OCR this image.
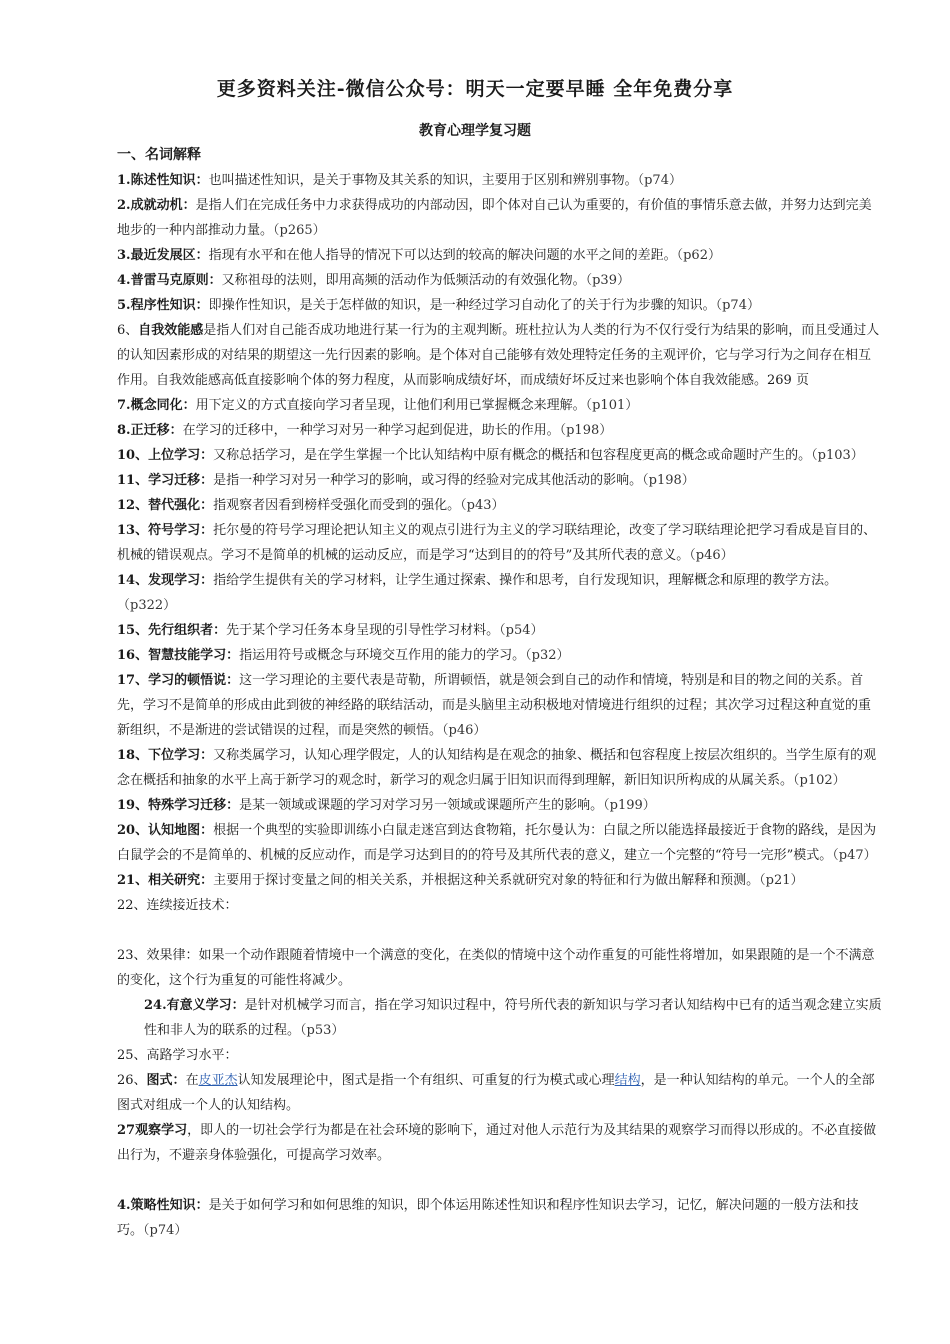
更多资料关注-微信公众号：明天一定要早睡 全年免费分享
教育心理学复习题
一、名词解释

1.陈述性知识：也叫描述性知识，是关于事物及其关系的知识，主要用于区别和辨别事物。（p74）

2.成就动机：是指人们在完成任务中力求获得成功的内部动因，即个体对自己认为重要的，有价值的事情乐意去做，并努力达到完美地步的一种内部推动力量。（p265）

3.最近发展区：指现有水平和在他人指导的情况下可以达到的较高的解决问题的水平之间的差距。（p62）

4.普雷马克原则：又称祖母的法则，即用高频的活动作为低频活动的有效强化物。（p39）

5.程序性知识：即操作性知识，是关于怎样做的知识，是一种经过学习自动化了的关于行为步骤的知识。（p74）

6、自我效能感是指人们对自己能否成功地进行某一行为的主观判断。班杜拉认为人类的行为不仅行受行为结果的影响，而且受通过人的认知因素形成的对结果的期望这一先行因素的影响。是个体对自己能够有效处理特定任务的主观评价，它与学习行为之间存在相互作用。自我效能感高低直接影响个体的努力程度，从而影响成绩好坏，而成绩好坏反过来也影响个体自我效能感。269 页

7.概念同化：用下定义的方式直接向学习者呈现，让他们利用已掌握概念来理解。（p101）

8.正迁移：在学习的迁移中，一种学习对另一种学习起到促进，助长的作用。（p198）

10、上位学习：又称总括学习，是在学生掌握一个比认知结构中原有概念的概括和包容程度更高的概念或命题时产生的。（p103）

11、学习迁移：是指一种学习对另一种学习的影响，或习得的经验对完成其他活动的影响。（p198）

12、替代强化：指观察者因看到榜样受强化而受到的强化。（p43）

13、符号学习：托尔曼的符号学习理论把认知主义的观点引进行为主义的学习联结理论，改变了学习联结理论把学习看成是盲目的、机械的错误观点。学习不是简单的机械的运动反应，而是学习“达到目的的符号”及其所代表的意义。（p46）

14、发现学习：指给学生提供有关的学习材料，让学生通过探索、操作和思考，自行发现知识，理解概念和原理的教学方法。（p322）

15、先行组织者：先于某个学习任务本身呈现的引导性学习材料。（p54）

16、智慧技能学习：指运用符号或概念与环境交互作用的能力的学习。（p32）

17、学习的顿悟说：这一学习理论的主要代表是苛勒，所谓顿悟，就是领会到自己的动作和情境，特别是和目的物之间的关系。首先，学习不是简单的形成由此到彼的神经路的联结活动，而是头脑里主动积极地对情境进行组织的过程；其次学习过程这种直觉的重新组织，不是渐进的尝试错误的过程，而是突然的顿悟。（p46）

18、下位学习：又称类属学习，认知心理学假定，人的认知结构是在观念的抽象、概括和包容程度上按层次组织的。当学生原有的观念在概括和抽象的水平上高于新学习的观念时，新学习的观念归属于旧知识而得到理解，新旧知识所构成的从属关系。（p102）

19、特殊学习迁移：是某一领域或课题的学习对学习另一领域或课题所产生的影响。（p199）

20、认知地图：根据一个典型的实验即训练小白鼠走迷宫到达食物箱，托尔曼认为：白鼠之所以能选择最接近于食物的路线，是因为白鼠学会的不是简单的、机械的反应动作，而是学习达到目的的符号及其所代表的意义，建立一个完整的“符号一完形”模式。（p47）

21、相关研究：主要用于探讨变量之间的相关关系，并根据这种关系就研究对象的特征和行为做出解释和预测。（p21）

22、连续接近技术：

23、效果律：如果一个动作跟随着情境中一个满意的变化，在类似的情境中这个动作重复的可能性将增加，如果跟随的是一个不满意的变化，这个行为重复的可能性将减少。

24.有意义学习：是针对机械学习而言，指在学习知识过程中，符号所代表的新知识与学习者认知结构中已有的适当观念建立实质性和非人为的联系的过程。（p53）

25、高路学习水平：

26、图式：在皮亚杰认知发展理论中，图式是指一个有组织、可重复的行为模式或心理结构，是一种认知结构的单元。一个人的全部图式对组成一个人的认知结构。

27观察学习，即人的一切社会学行为都是在社会环境的影响下，通过对他人示范行为及其结果的观察学习而得以形成的。不必直接做出行为，不避亲身体验强化，可提高学习效率。

4.策略性知识：是关于如何学习和如何思维的知识，即个体运用陈述性知识和程序性知识去学习，记忆，解决问题的一般方法和技巧。（p74）
